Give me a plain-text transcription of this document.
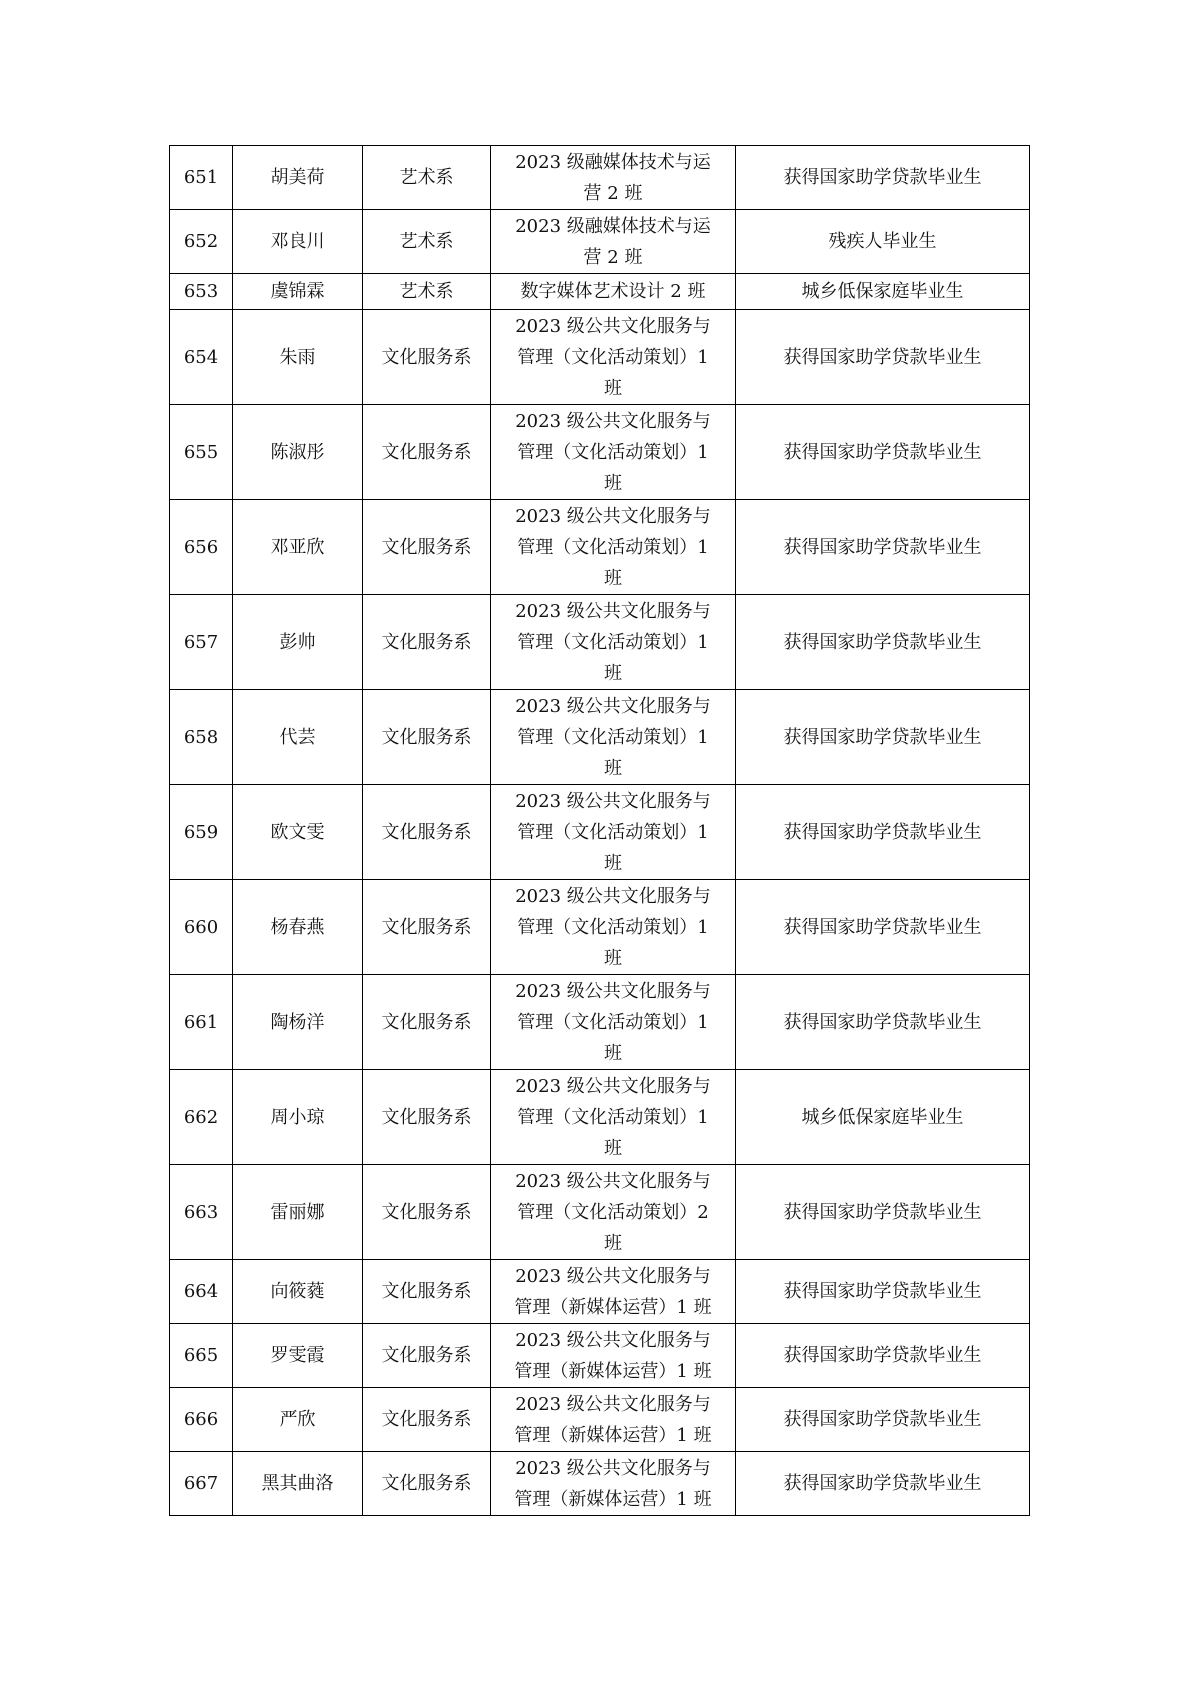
651	胡美荷	艺术系	2023 级融媒体技术与运
营 2 班	获得国家助学贷款毕业生
652	邓良川	艺术系	2023 级融媒体技术与运
营 2 班	残疾人毕业生
653	虞锦霖	艺术系	数字媒体艺术设计 2 班	城乡低保家庭毕业生
654	朱雨	文化服务系	2023 级公共文化服务与
管理（文化活动策划）1
班	获得国家助学贷款毕业生
655	陈淑彤	文化服务系	2023 级公共文化服务与
管理（文化活动策划）1
班	获得国家助学贷款毕业生
656	邓亚欣	文化服务系	2023 级公共文化服务与
管理（文化活动策划）1
班	获得国家助学贷款毕业生
657	彭帅	文化服务系	2023 级公共文化服务与
管理（文化活动策划）1
班	获得国家助学贷款毕业生
658	代芸	文化服务系	2023 级公共文化服务与
管理（文化活动策划）1
班	获得国家助学贷款毕业生
659	欧文雯	文化服务系	2023 级公共文化服务与
管理（文化活动策划）1
班	获得国家助学贷款毕业生
660	杨春燕	文化服务系	2023 级公共文化服务与
管理（文化活动策划）1
班	获得国家助学贷款毕业生
661	陶杨洋	文化服务系	2023 级公共文化服务与
管理（文化活动策划）1
班	获得国家助学贷款毕业生
662	周小琼	文化服务系	2023 级公共文化服务与
管理（文化活动策划）1
班	城乡低保家庭毕业生
663	雷丽娜	文化服务系	2023 级公共文化服务与
管理（文化活动策划）2
班	获得国家助学贷款毕业生
664	向筱蕤	文化服务系	2023 级公共文化服务与
管理（新媒体运营）1 班	获得国家助学贷款毕业生
665	罗雯霞	文化服务系	2023 级公共文化服务与
管理（新媒体运营）1 班	获得国家助学贷款毕业生
666	严欣	文化服务系	2023 级公共文化服务与
管理（新媒体运营）1 班	获得国家助学贷款毕业生
667	黑其曲洛	文化服务系	2023 级公共文化服务与
管理（新媒体运营）1 班	获得国家助学贷款毕业生
